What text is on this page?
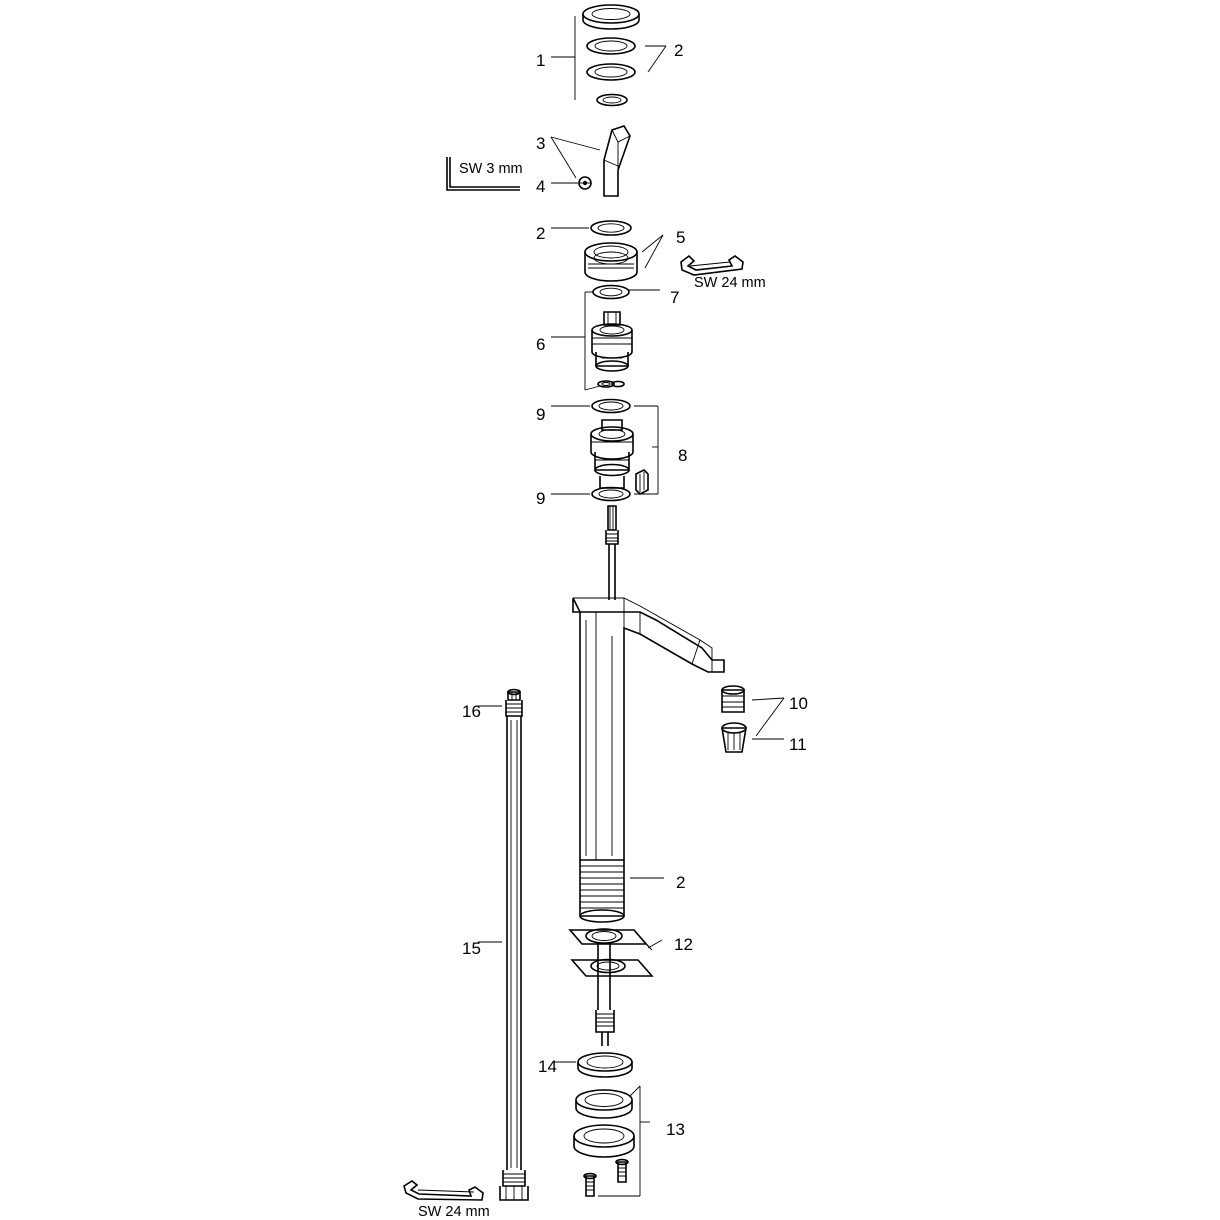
1
2
3
4
2	5
7
6
9
8
9
10
11
16
15
2
12
14
13
SW 3 mm
SW 24 mm
SW 24 mm
